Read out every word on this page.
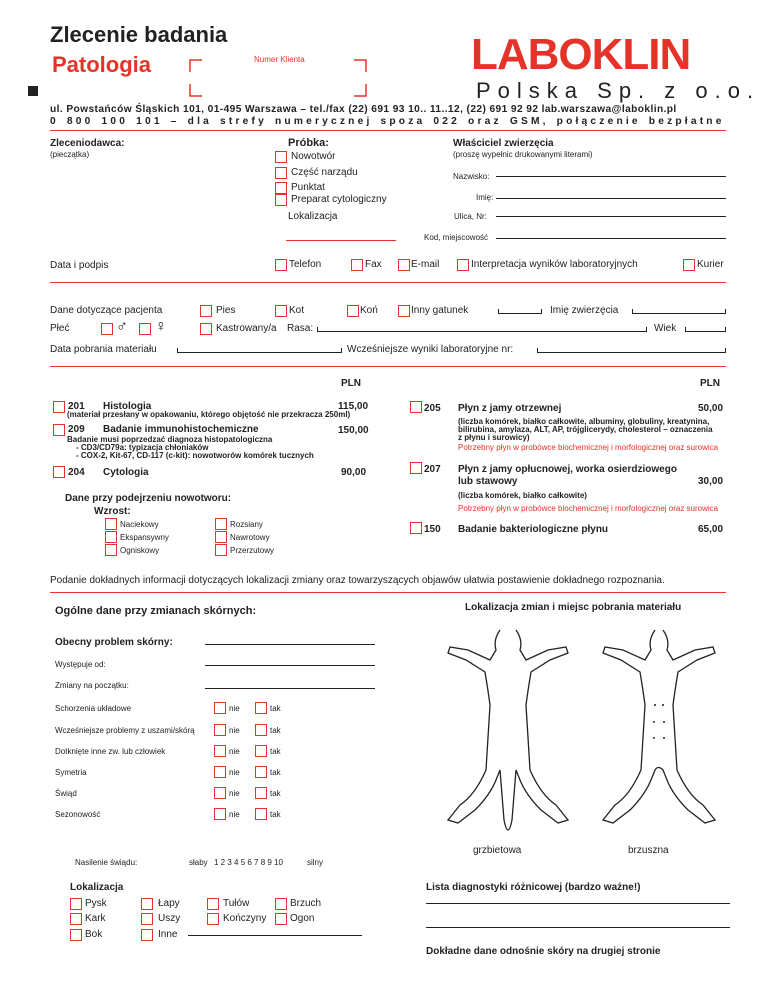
Zlecenie badania
Patologia	Numer Klienta	LABOKLIN
Polska Sp. z o.o.
ul. Powstańców Śląskich 101, 01-495 Warszawa – tel./fax (22) 691 93 10.. 11..12, (22) 691 92 92 lab.warszawa@laboklin.pl
0 800 100 101 – dla strefy numerycznej spoza 022 oraz GSM, połączenie bezpłatne
Zleceniodawca:
(pieczątka)
Próbka:
Nowotwór
Część narządu
Punktat
Preparat cytologiczny
Lokalizacja
Właściciel zwierzęcia
(proszę wypełnic drukowanymi literami)
Nazwisko:
Imię:
Ulica, Nr:
Kod, miejscowość
Data i podpis	Telefon	Fax	E-mail	Interpretacja wyników laboratoryjnych	Kurier
Dane dotyczące pacjenta	Pies	Kot	Koń	Inny gatunek	Imię zwierzęcia
Płeć	♂ ♀	Kastrowany/a Rasa:	Wiek
Data pobrania materiału	Wcześniejsze wyniki laboratoryjne nr:
PLN	PLN
201 Histologia	115,00
(materiał przesłany w opakowaniu, którego objętość nie przekracza 250ml)
209 Badanie immunohistochemiczne	150,00
Badanie musi poprzedzać diagnoza histopatologiczna
- CD3/CD79a: typizacja chłoniaków
- COX-2, Kit-67, CD-117 (c-kit): nowotworów komórek tucznych
204 Cytologia	90,00
Dane przy podejrzeniu nowotworu:
Wzrost:
Naciekowy	Rozsiany
Ekspansywny	Nawrotowy
Ogniskowy	Przerzutowy
205 Płyn z jamy otrzewnej	50,00
(liczba komórek, białko całkowite, albuminy, globuliny, kreatynina,
bilirubina, amylaza, ALT, AP, trójglicerydy, cholesterol – oznaczenia
z płynu i surowicy)
Potrzebny płyn w probówce biochemicznej i morfologicznej oraz surowica
207 Płyn z jamy opłucnowej, worka osierdziowego
lub stawowy	30,00
(liczba komórek, białko całkowite)
Potrzebny płyn w probówce biochemicznej i morfologicznej oraz surowica
150 Badanie bakteriologiczne płynu	65,00
Podanie dokładnych informacji dotyczących lokalizacji zmiany oraz towarzyszących objawów ułatwia postawienie dokładnego rozpoznania.
Ogólne dane przy zmianach skórnych:	Lokalizacja zmian i miejsc pobrania materiału
Obecny problem skórny:
Występuje od:
Zmiany na początku:
Schorzenia układowe	nie	tak
Wcześniejsze problemy z uszami/skórą	nie	tak
Dotknięte inne zw. lub człowiek	nie	tak
Symetria	nie	tak
Świąd	nie	tak
Sezonowość	nie	tak
Nasilenie świądu:	słaby 1 2 3 4 5 6 7 8 9 10	silny
grzbietowa	brzuszna
Lokalizacja
Pysk	Łapy	Tułów	Brzuch
Kark	Uszy	Kończyny Ogon
Bok	Inne
Lista diagnostyki różnicowej (bardzo ważne!)
Dokładne dane odnośnie skóry na drugiej stronie
